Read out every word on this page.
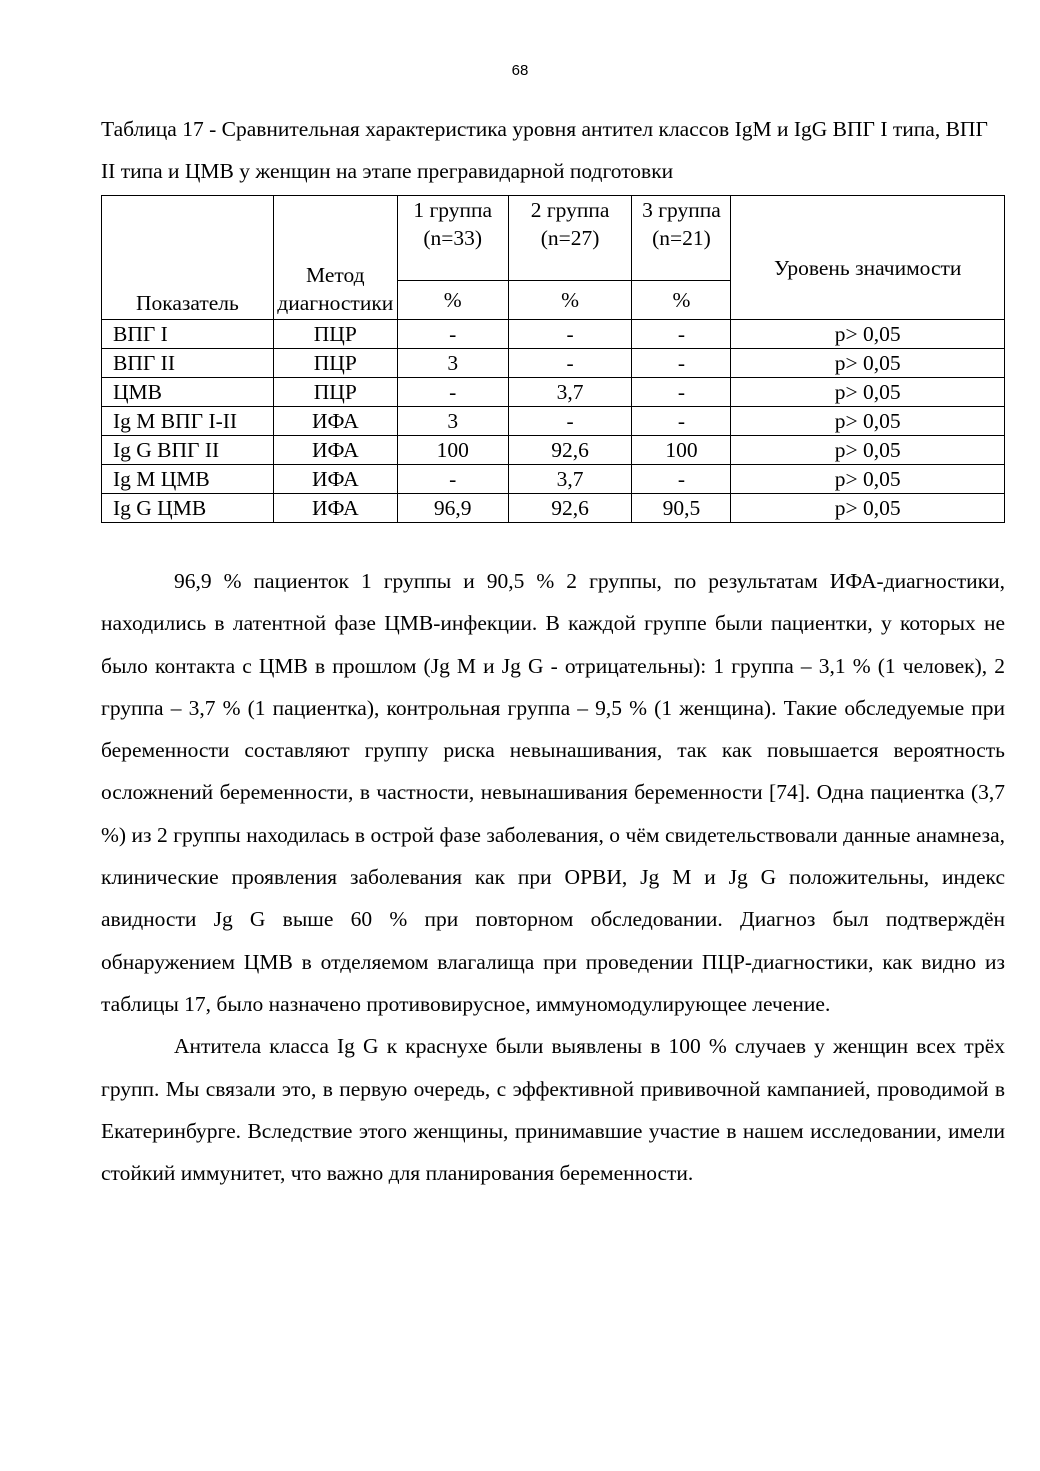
68
Таблица 17 - Сравнительная характеристика уровня антител классов IgM и IgG ВПГ I типа, ВПГ II типа и ЦМВ у женщин на этапе прегравидарной подготовки
Показатель	Метод диагностики	1 группа (n=33)	2 группа (n=27)	3 группа (n=21)	Уровень значимости
		%	%	%	
ВПГ I	ПЦР	-	-	-	p> 0,05
ВПГ II	ПЦР	3	-	-	p> 0,05
ЦМВ	ПЦР	-	3,7	-	p> 0,05
Ig M ВПГ I-II	ИФА	3	-	-	p> 0,05
Ig G ВПГ II	ИФА	100	92,6	100	p> 0,05
Ig M ЦМВ	ИФА	-	3,7	-	p> 0,05
Ig G ЦМВ	ИФА	96,9	92,6	90,5	p> 0,05

96,9 % пациенток 1 группы и 90,5 % 2 группы, по результатам ИФА-диагностики, находились в латентной фазе ЦМВ-инфекции. В каждой группе были пациентки, у которых не было контакта с ЦМВ в прошлом (Jg M и Jg G - отрицательны): 1 группа – 3,1 % (1 человек), 2 группа – 3,7 % (1 пациентка), контрольная группа – 9,5 % (1 женщина). Такие обследуемые при беременности составляют группу риска невынашивания, так как повышается вероятность осложнений беременности, в частности, невынашивания беременности [74]. Одна пациентка (3,7 %) из 2 группы находилась в острой фазе заболевания, о чём свидетельствовали данные анамнеза, клинические проявления заболевания как при ОРВИ, Jg M и Jg G положительны, индекс авидности Jg G выше 60 % при повторном обследовании. Диагноз был подтверждён обнаружением ЦМВ в отделяемом влагалища при проведении ПЦР-диагностики, как видно из таблицы 17, было назначено противовирусное, иммуномодулирующее лечение.

Антитела класса Ig G к краснухе были выявлены в 100 % случаев у женщин всех трёх групп. Мы связали это, в первую очередь, с эффективной прививочной кампанией, проводимой в Екатеринбурге. Вследствие этого женщины, принимавшие участие в нашем исследовании, имели стойкий иммунитет, что важно для планирования беременности.
